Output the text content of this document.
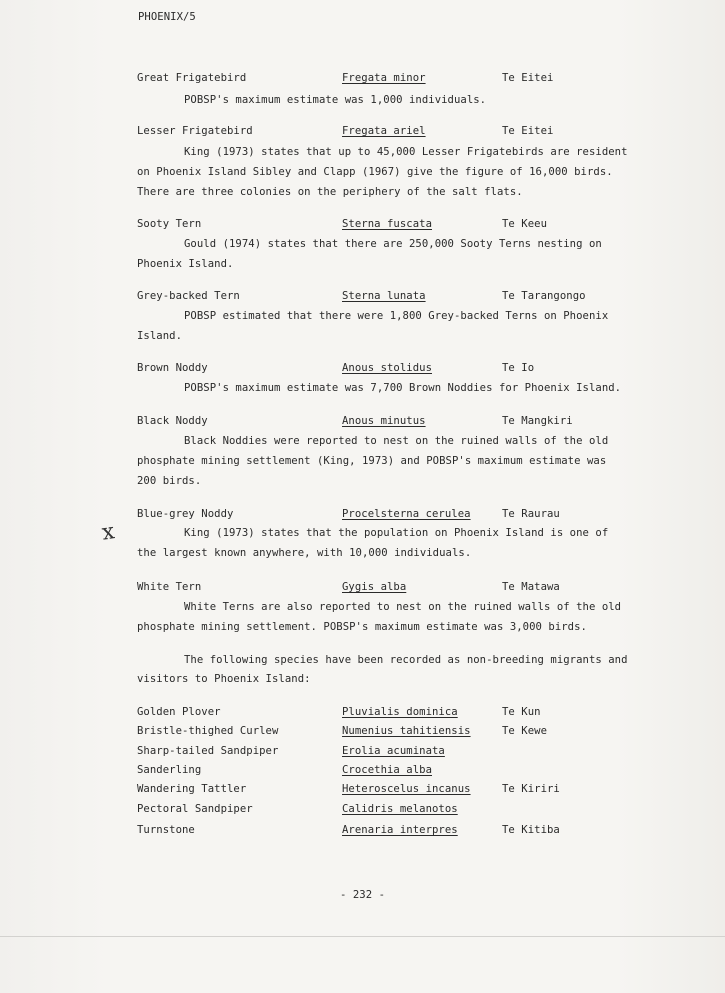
PHOENIX/5
Great Frigatebird	Fregata minor	Te Eitei
POBSP's maximum estimate was 1,000 individuals.
Lesser Frigatebird	Fregata ariel	Te Eitei
King (1973) states that up to 45,000 Lesser Frigatebirds are resident
on Phoenix Island Sibley and Clapp (1967) give the figure of 16,000 birds.
There are three colonies on the periphery of the salt flats.
Sooty Tern	Sterna fuscata	Te Keeu
Gould (1974) states that there are 250,000 Sooty Terns nesting on
Phoenix Island.
Grey-backed Tern	Sterna lunata	Te Tarangongo
POBSP estimated that there were 1,800 Grey-backed Terns on Phoenix
Island.
Brown Noddy	Anous stolidus	Te Io
POBSP's maximum estimate was 7,700 Brown Noddies for Phoenix Island.
Black Noddy	Anous minutus	Te Mangkiri
Black Noddies were reported to nest on the ruined walls of the old
phosphate mining settlement (King, 1973) and POBSP's maximum estimate was
200 birds.
Blue-grey Noddy	Procelsterna cerulea	Te Raurau
King (1973) states that the population on Phoenix Island is one of
the largest known anywhere, with 10,000 individuals.
x
White Tern	Gygis alba	Te Matawa
White Terns are also reported to nest on the ruined walls of the old
phosphate mining settlement. POBSP's maximum estimate was 3,000 birds.
The following species have been recorded as non-breeding migrants and
visitors to Phoenix Island:
Golden Plover	Pluvialis dominica	Te Kun
Bristle-thighed Curlew	Numenius tahitiensis	Te Kewe
Sharp-tailed Sandpiper	Erolia acuminata
Sanderling	Crocethia alba
Wandering Tattler	Heteroscelus incanus	Te Kiriri
Pectoral Sandpiper	Calidris melanotos
Turnstone	Arenaria interpres	Te Kitiba
- 232 -
